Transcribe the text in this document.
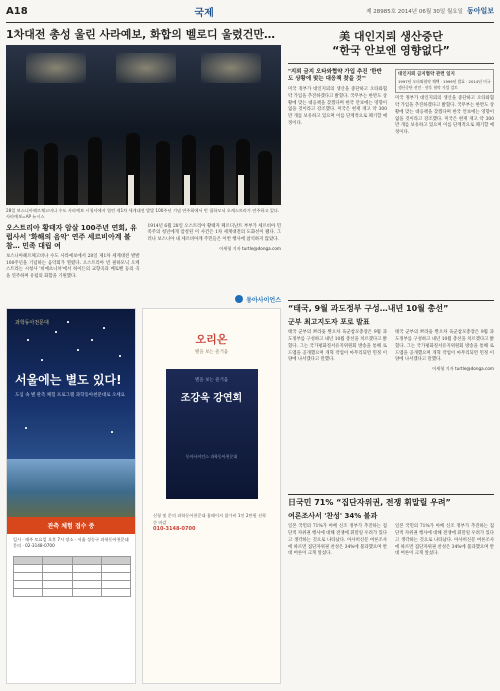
A18	국제	제 28985호 2014년 06월 30일 월요일 동아일보
1차대전 총성 울린 사라예보, 화합의 벨로디 울렸건만…
28일 보스니아헤르체고비나 수도 사라예보 시청사에서 열린 제1차 세계대전 발발 100주년 기념 연주회에서 빈 필하모닉 오케스트라가 연주하고 있다. 사라예보=AP 뉴시스
오스트리아 황태자 암살 100주년 연회, 유럽사서 '화해의 음악' 연주 세르비아계 불참… 민족 대립 여
보스니아헤르체고비나 수도 사라예보에서 28일 제1차 세계대전 발발 100주년을 기념하는 음악회가 열렸다. 오스트리아 빈 필하모닉 오케스트라는 시청사 '비예츠니차'에서 하이든의 교향곡과 베토벤 등의 곡을 연주하며 유럽의 화합을 기원했다.
1914년 6월 28일 오스트리아 황태자 페르디난트 부부가 세르비아 민족주의 청년에게 암살된 이 사건은 1차 세계대전의 도화선이 됐다. 그러나 보스니아 내 세르비아계 주민들은 이번 행사에 참석하지 않았다.
이세형 기자 turtle@donga.com
美 대인지뢰 생산중단
“한국 안보엔 영향없다”
"지뢰 금지 오타와협약 가입 추진 '한반도 상황에 맞는 대응책 찾을 것'"
미국 정부가 대인지뢰의 생산을 중단하고 오타와협약 가입을 추진하겠다고 밝혔다. 국무부는 한반도 상황에 맞는 대응책을 찾겠다며 한국 안보에는 영향이 없을 것이라고 강조했다. 미국은 현재 재고 약 300만 개를 보유하고 있으며 이를 단계적으로 폐기할 예정이다.
대인지뢰 금지협약 관련 일지
1997년 오타와협약 채택 · 1999년 발효 · 2014년 미국 생산중단 선언 · 향후 협약 가입 검토
미국 정부가 대인지뢰의 생산을 중단하고 오타와협약 가입을 추진하겠다고 밝혔다. 국무부는 한반도 상황에 맞는 대응책을 찾겠다며 한국 안보에는 영향이 없을 것이라고 강조했다. 미국은 현재 재고 약 300만 개를 보유하고 있으며 이를 단계적으로 폐기할 예정이다.
동아사이언스
과학동아천문대
서울에는 별도 있다!
도심 속 별 관측 체험 프로그램 과학동아천문대로 오세요
관측 체험 접수 중
일시 · 매주 토요일 오후 7시 장소 · 서울 성동구 과학동아천문대 문의 · 02-3148-0700

오리온
별을 보는 즐거움
별을 보는 즐거움
조강욱 강연회
동아사이언스 과학동아천문대
신청 및 문의 과학동아천문대 홈페이지 참가비 1인 2만원 선착순 마감
010-3148-0700
“태국, 9월 과도정부 구성…내년 10월 총선”
군부 최고지도자 포로 발표
태국 군부의 쁘라윳 짠오차 육군참모총장은 9월 과도정부를 구성하고 내년 10월 총선을 치르겠다고 밝혔다. 그는 국가평화질서유지위원회 방송을 통해 로드맵을 공개했으며 개혁 작업이 마무리되면 민정 이양에 나서겠다고 말했다.
태국 군부의 쁘라윳 짠오차 육군참모총장은 9월 과도정부를 구성하고 내년 10월 총선을 치르겠다고 밝혔다. 그는 국가평화질서유지위원회 방송을 통해 로드맵을 공개했으며 개혁 작업이 마무리되면 민정 이양에 나서겠다고 말했다.
이세형 기자 turtle@donga.com
日국민 71% “집단자위권, 전쟁 휘말릴 우려”
여론조사서 '찬성' 34% 불과
일본 국민의 71%가 아베 신조 정부가 추진하는 집단적 자위권 행사에 대해 전쟁에 휘말릴 우려가 있다고 생각하는 것으로 나타났다. 아사히신문 여론조사에 따르면 집단자위권 찬성은 34%에 불과했으며 반대 여론이 크게 앞섰다.
일본 국민의 71%가 아베 신조 정부가 추진하는 집단적 자위권 행사에 대해 전쟁에 휘말릴 우려가 있다고 생각하는 것으로 나타났다. 아사히신문 여론조사에 따르면 집단자위권 찬성은 34%에 불과했으며 반대 여론이 크게 앞섰다.
